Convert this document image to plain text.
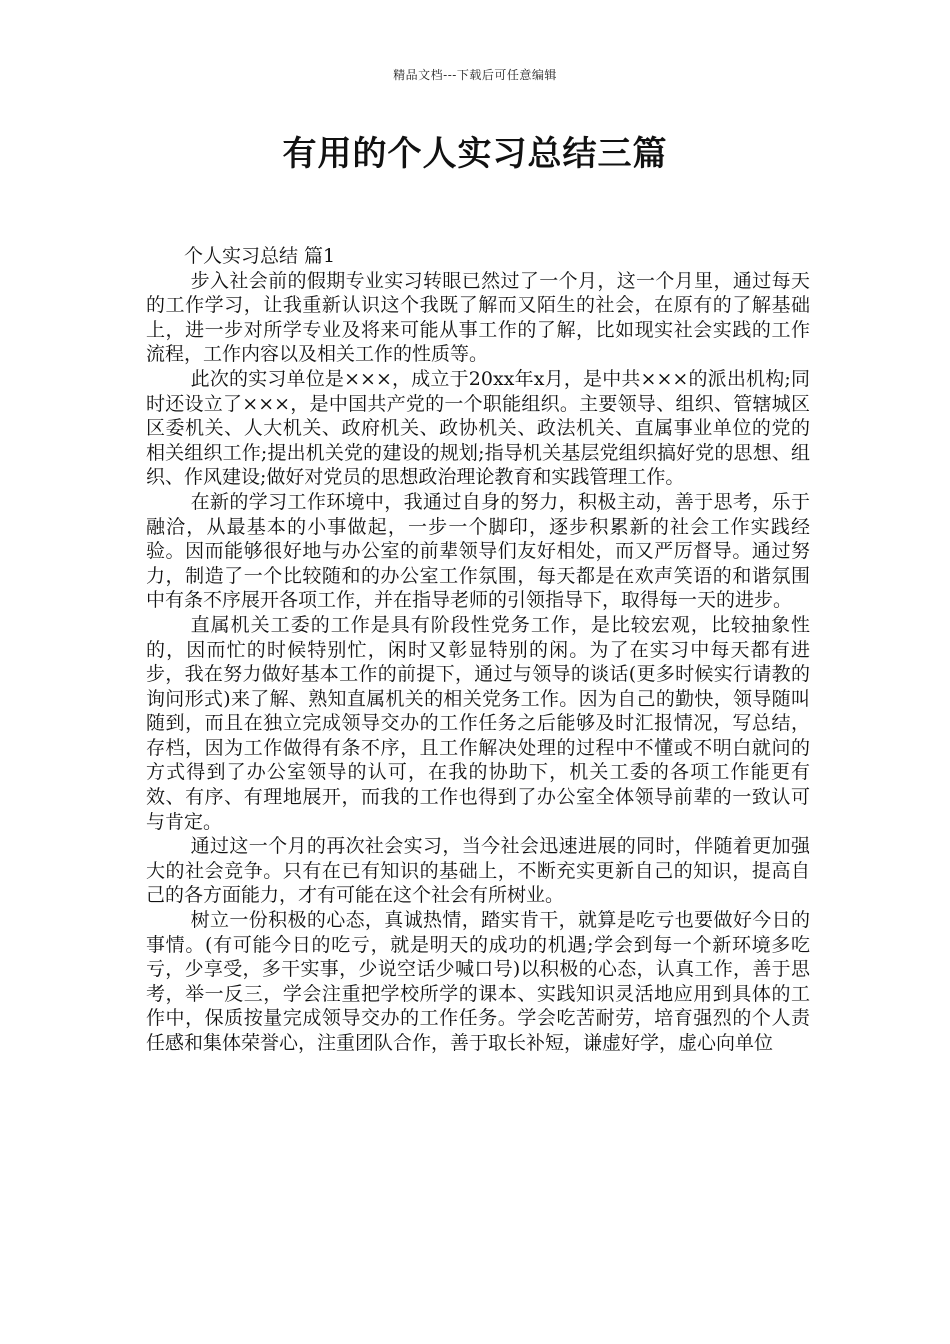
精品文档---下载后可任意编辑
有用的个人实习总结三篇

个人实习总结 篇1

步入社会前的假期专业实习转眼已然过了一个月，这一个月里，通过每天的工作学习，让我重新认识这个我既了解而又陌生的社会，在原有的了解基础上，进一步对所学专业及将来可能从事工作的了解，比如现实社会实践的工作流程，工作内容以及相关工作的性质等。

此次的实习单位是×××，成立于20xx年x月，是中共×××的派出机构;同时还设立了×××，是中国共产党的一个职能组织。主要领导、组织、管辖城区区委机关、人大机关、政府机关、政协机关、政法机关、直属事业单位的党的相关组织工作;提出机关党的建设的规划;指导机关基层党组织搞好党的思想、组织、作风建设;做好对党员的思想政治理论教育和实践管理工作。

在新的学习工作环境中，我通过自身的努力，积极主动，善于思考，乐于融洽，从最基本的小事做起，一步一个脚印，逐步积累新的社会工作实践经验。因而能够很好地与办公室的前辈领导们友好相处，而又严厉督导。通过努力，制造了一个比较随和的办公室工作氛围，每天都是在欢声笑语的和谐氛围中有条不序展开各项工作，并在指导老师的引领指导下，取得每一天的进步。

直属机关工委的工作是具有阶段性党务工作，是比较宏观，比较抽象性的，因而忙的时候特别忙，闲时又彰显特别的闲。为了在实习中每天都有进步，我在努力做好基本工作的前提下，通过与领导的谈话(更多时候实行请教的询问形式)来了解、熟知直属机关的相关党务工作。因为自己的勤快，领导随叫随到，而且在独立完成领导交办的工作任务之后能够及时汇报情况，写总结，存档，因为工作做得有条不序，且工作解决处理的过程中不懂或不明白就问的方式得到了办公室领导的认可，在我的协助下，机关工委的各项工作能更有效、有序、有理地展开，而我的工作也得到了办公室全体领导前辈的一致认可与肯定。

通过这一个月的再次社会实习，当今社会迅速进展的同时，伴随着更加强大的社会竞争。只有在已有知识的基础上，不断充实更新自己的知识，提高自己的各方面能力，才有可能在这个社会有所树业。

树立一份积极的心态，真诚热情，踏实肯干，就算是吃亏也要做好今日的事情。(有可能今日的吃亏，就是明天的成功的机遇;学会到每一个新环境多吃亏，少享受，多干实事，少说空话少喊口号)以积极的心态，认真工作，善于思考，举一反三，学会注重把学校所学的课本、实践知识灵活地应用到具体的工作中，保质按量完成领导交办的工作任务。学会吃苦耐劳，培育强烈的个人责任感和集体荣誉心，注重团队合作，善于取长补短，谦虚好学，虚心向单位
